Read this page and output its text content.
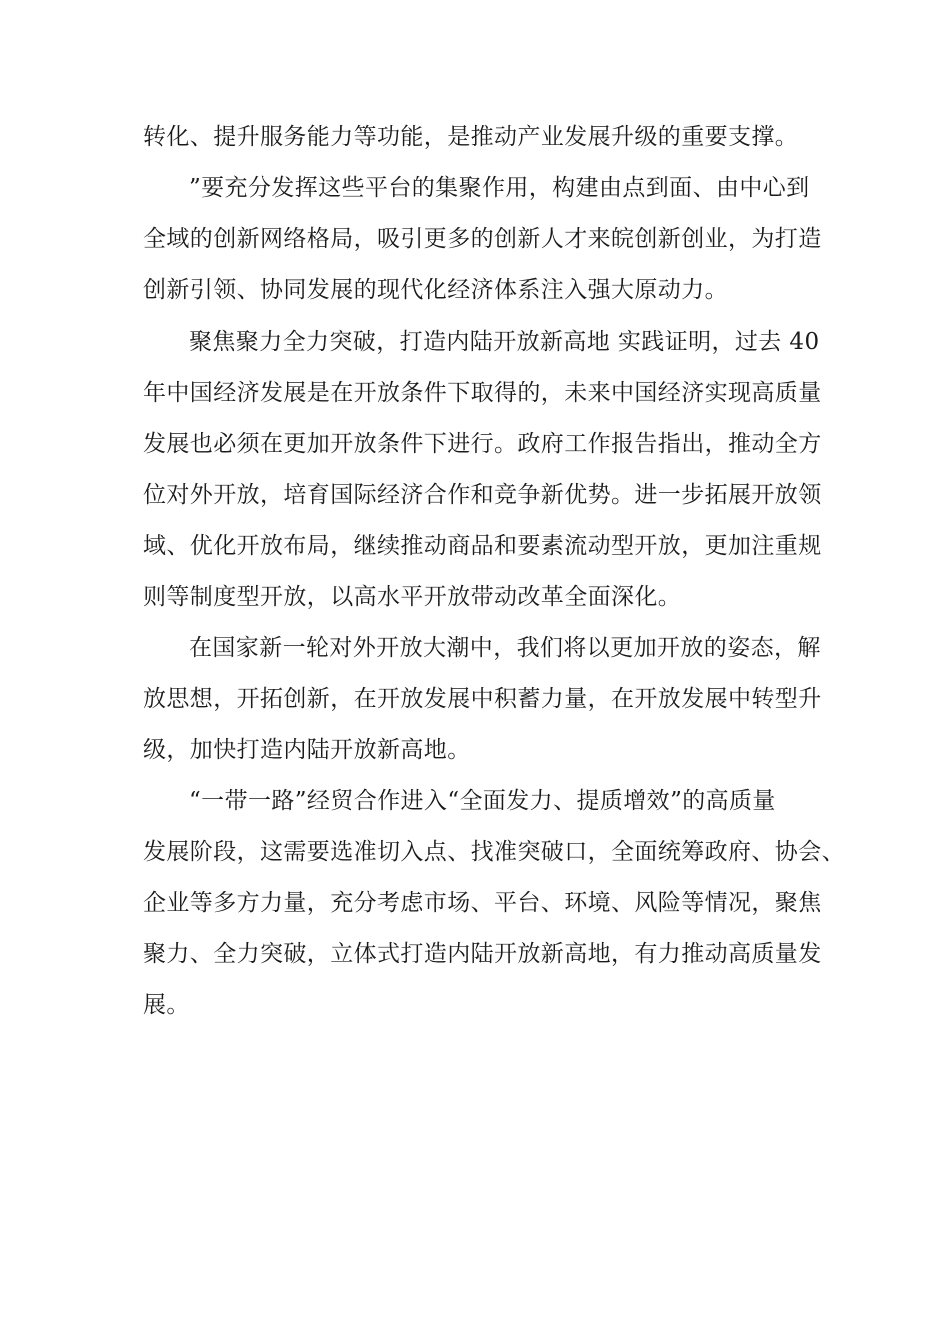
转化、提升服务能力等功能，是推动产业发展升级的重要支撑。
”要充分发挥这些平台的集聚作用，构建由点到面、由中心到
全域的创新网络格局，吸引更多的创新人才来皖创新创业，为打造
创新引领、协同发展的现代化经济体系注入强大原动力。
聚焦聚力全力突破，打造内陆开放新高地 实践证明，过去 40
年中国经济发展是在开放条件下取得的，未来中国经济实现高质量
发展也必须在更加开放条件下进行。政府工作报告指出，推动全方
位对外开放，培育国际经济合作和竞争新优势。进一步拓展开放领
域、优化开放布局，继续推动商品和要素流动型开放，更加注重规
则等制度型开放，以高水平开放带动改革全面深化。
在国家新一轮对外开放大潮中，我们将以更加开放的姿态，解
放思想，开拓创新，在开放发展中积蓄力量，在开放发展中转型升
级，加快打造内陆开放新高地。
“一带一路”经贸合作进入“全面发力、提质增效”的高质量
发展阶段，这需要选准切入点、找准突破口，全面统筹政府、协会、
企业等多方力量，充分考虑市场、平台、环境、风险等情况，聚焦
聚力、全力突破，立体式打造内陆开放新高地，有力推动高质量发
展。
